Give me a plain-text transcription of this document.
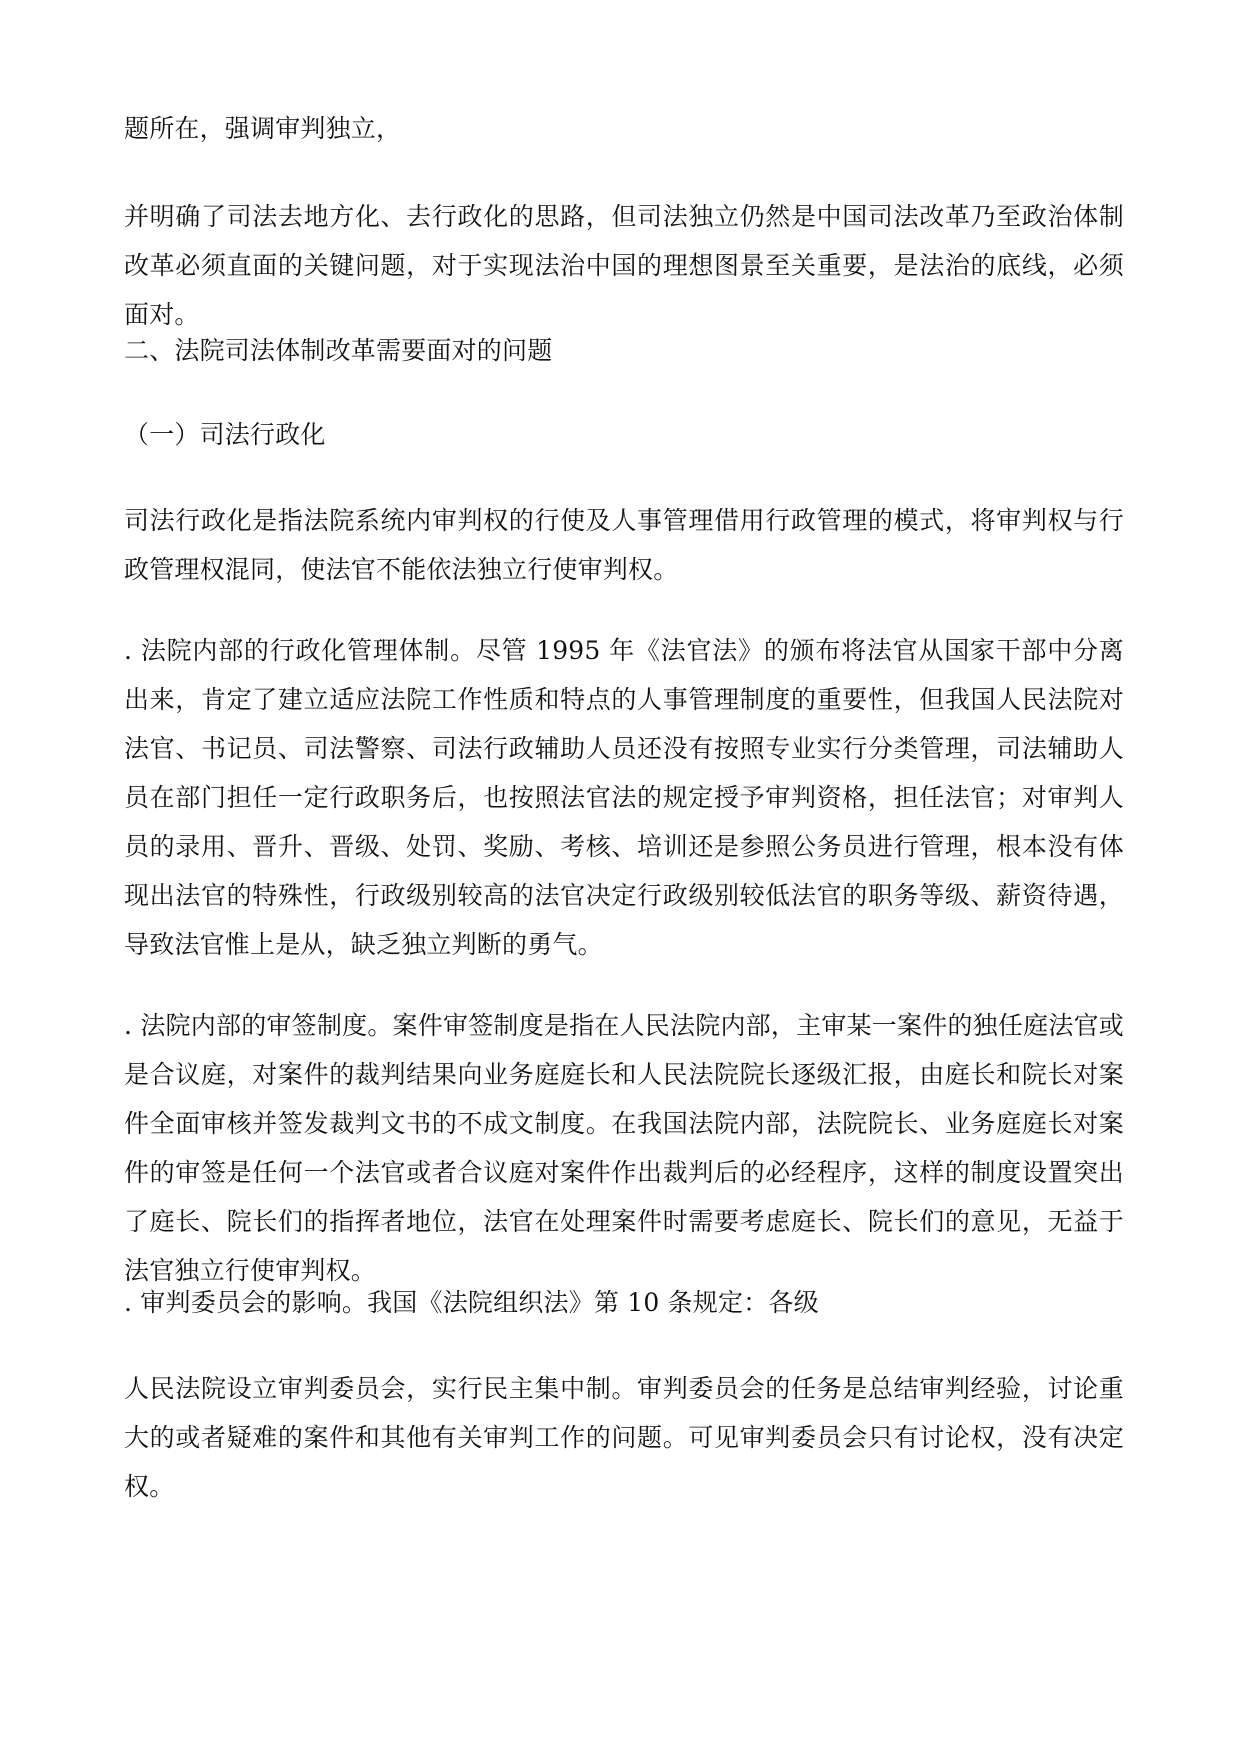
题所在，强调审判独立，
并明确了司法去地方化、去行政化的思路，但司法独立仍然是中国司法改革乃至政治体制改革必须直面的关键问题，对于实现法治中国的理想图景至关重要，是法治的底线，必须面对。
二、法院司法体制改革需要面对的问题
（一）司法行政化
司法行政化是指法院系统内审判权的行使及人事管理借用行政管理的模式，将审判权与行政管理权混同，使法官不能依法独立行使审判权。
. 法院内部的行政化管理体制。尽管 1995 年《法官法》的颁布将法官从国家干部中分离出来，肯定了建立适应法院工作性质和特点的人事管理制度的重要性，但我国人民法院对法官、书记员、司法警察、司法行政辅助人员还没有按照专业实行分类管理，司法辅助人员在部门担任一定行政职务后，也按照法官法的规定授予审判资格，担任法官；对审判人员的录用、晋升、晋级、处罚、奖励、考核、培训还是参照公务员进行管理，根本没有体现出法官的特殊性，行政级别较高的法官决定行政级别较低法官的职务等级、薪资待遇，导致法官惟上是从，缺乏独立判断的勇气。
. 法院内部的审签制度。案件审签制度是指在人民法院内部，主审某一案件的独任庭法官或是合议庭，对案件的裁判结果向业务庭庭长和人民法院院长逐级汇报，由庭长和院长对案件全面审核并签发裁判文书的不成文制度。在我国法院内部，法院院长、业务庭庭长对案件的审签是任何一个法官或者合议庭对案件作出裁判后的必经程序，这样的制度设置突出了庭长、院长们的指挥者地位，法官在处理案件时需要考虑庭长、院长们的意见，无益于法官独立行使审判权。
. 审判委员会的影响。我国《法院组织法》第 10 条规定：各级
人民法院设立审判委员会，实行民主集中制。审判委员会的任务是总结审判经验，讨论重大的或者疑难的案件和其他有关审判工作的问题。可见审判委员会只有讨论权，没有决定权。
